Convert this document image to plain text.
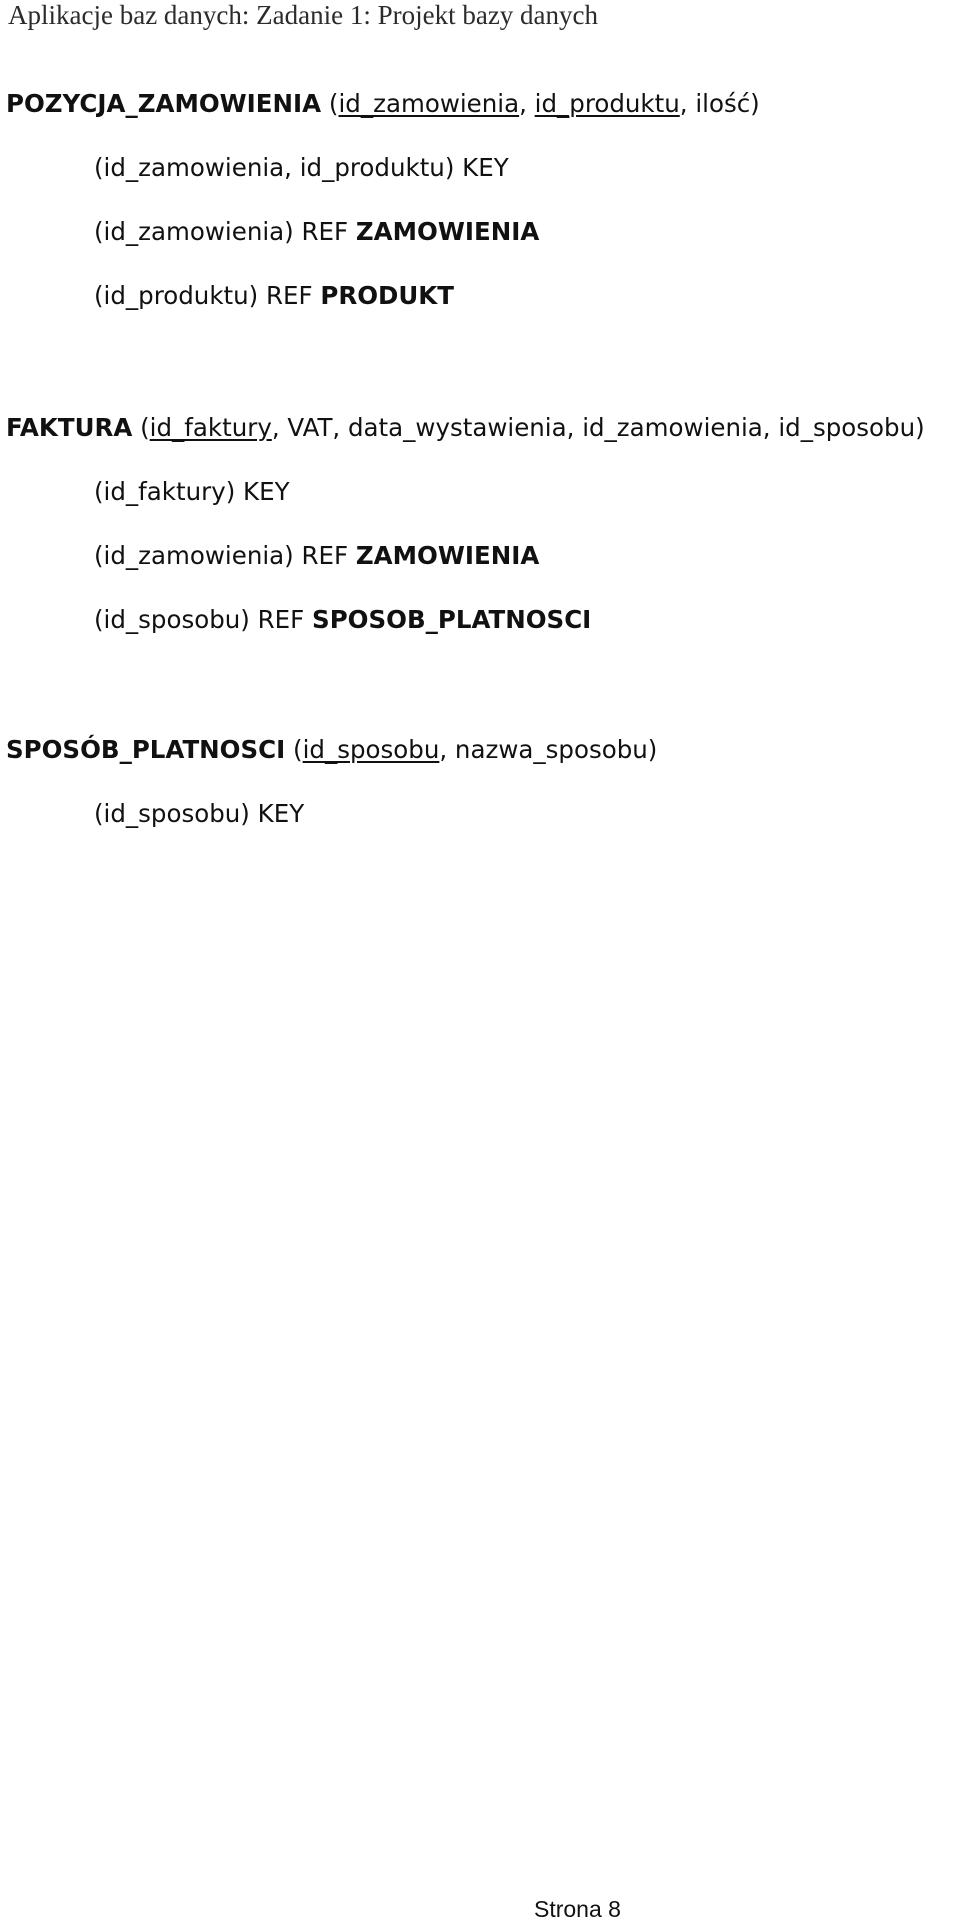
Aplikacje baz danych: Zadanie 1: Projekt bazy danych
POZYCJA_ZAMOWIENIA (id_zamowienia, id_produktu, ilość)
(id_zamowienia, id_produktu) KEY
(id_zamowienia) REF ZAMOWIENIA
(id_produktu) REF PRODUKT
FAKTURA (id_faktury, VAT, data_wystawienia, id_zamowienia, id_sposobu)
(id_faktury) KEY
(id_zamowienia) REF ZAMOWIENIA
(id_sposobu) REF SPOSOB_PLATNOSCI
SPOSÓB_PLATNOSCI (id_sposobu, nazwa_sposobu)
(id_sposobu) KEY
Strona 8
